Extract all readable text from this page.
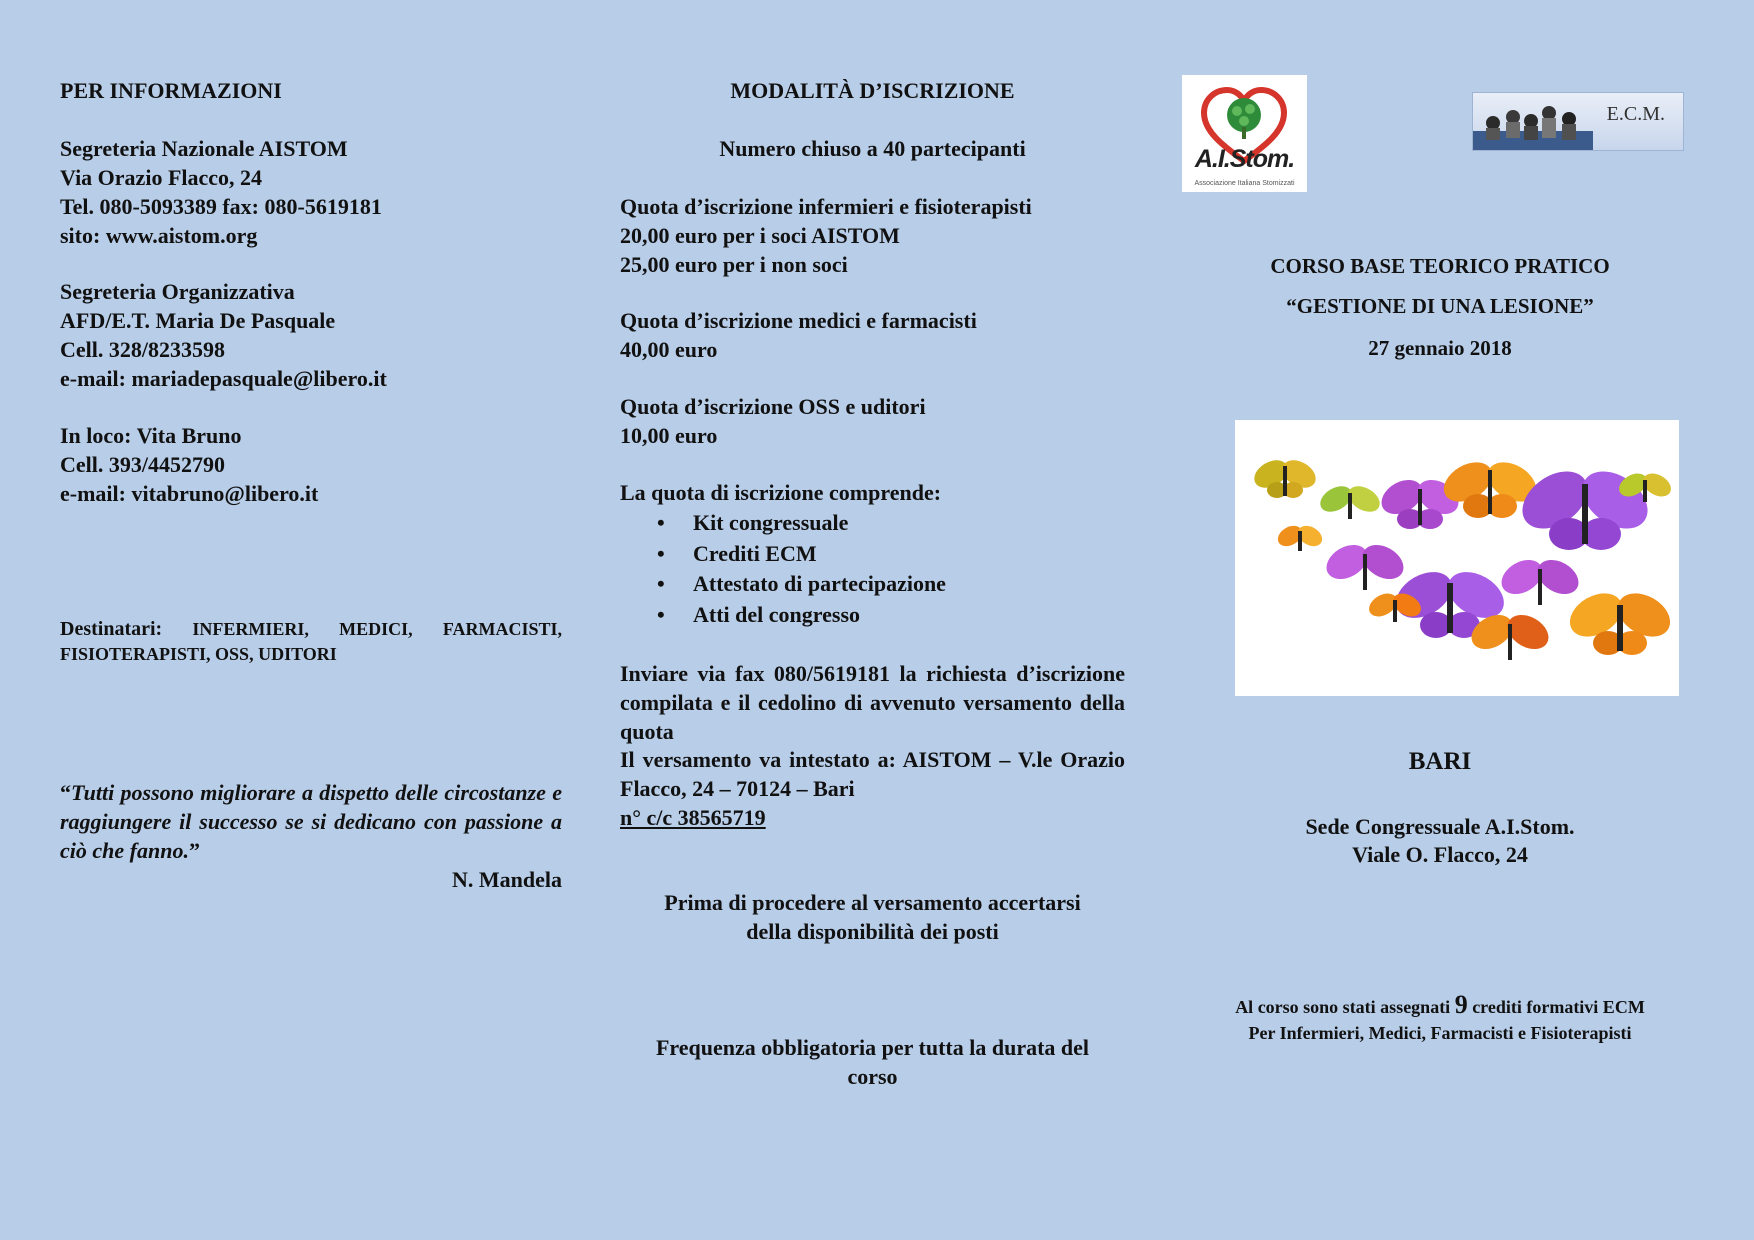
PER INFORMAZIONI
Segreteria Nazionale AISTOM
Via Orazio Flacco, 24
Tel. 080-5093389 fax: 080-5619181
sito: www.aistom.org
Segreteria Organizzativa
AFD/E.T. Maria De Pasquale
Cell. 328/8233598
e-mail: mariadepasquale@libero.it
In loco: Vita Bruno
Cell. 393/4452790
e-mail: vitabruno@libero.it
Destinatari: INFERMIERI, MEDICI, FARMACISTI, FISIOTERAPISTI, OSS, UDITORI
“Tutti possono migliorare a dispetto delle circostanze e raggiungere il successo se si dedicano con passione a ciò che fanno.”
N. Mandela
MODALITÀ D’ISCRIZIONE
Numero chiuso a 40 partecipanti
Quota d’iscrizione infermieri e fisioterapisti
20,00 euro per i soci AISTOM
25,00 euro per i non soci
Quota d’iscrizione medici e farmacisti
40,00 euro
Quota d’iscrizione OSS e uditori
10,00 euro
La quota di iscrizione comprende:
• Kit congressuale
• Crediti ECM
• Attestato di partecipazione
• Atti del congresso
Inviare via fax 080/5619181 la richiesta d’iscrizione compilata e il cedolino di avvenuto versamento della quota
Il versamento va intestato a: AISTOM – V.le Orazio Flacco, 24 – 70124 – Bari
n° c/c 38565719
Prima di procedere al versamento accertarsi
della disponibilità dei posti
Frequenza obbligatoria per tutta la durata del
corso
A.I.Stom.
Associazione Italiana Stomizzati
E.C.M.
CORSO BASE TEORICO PRATICO
“GESTIONE DI UNA LESIONE”
27 gennaio 2018
BARI
Sede Congressuale A.I.Stom.
Viale O. Flacco, 24
Al corso sono stati assegnati 9 crediti formativi ECM
Per Infermieri, Medici, Farmacisti e Fisioterapisti
